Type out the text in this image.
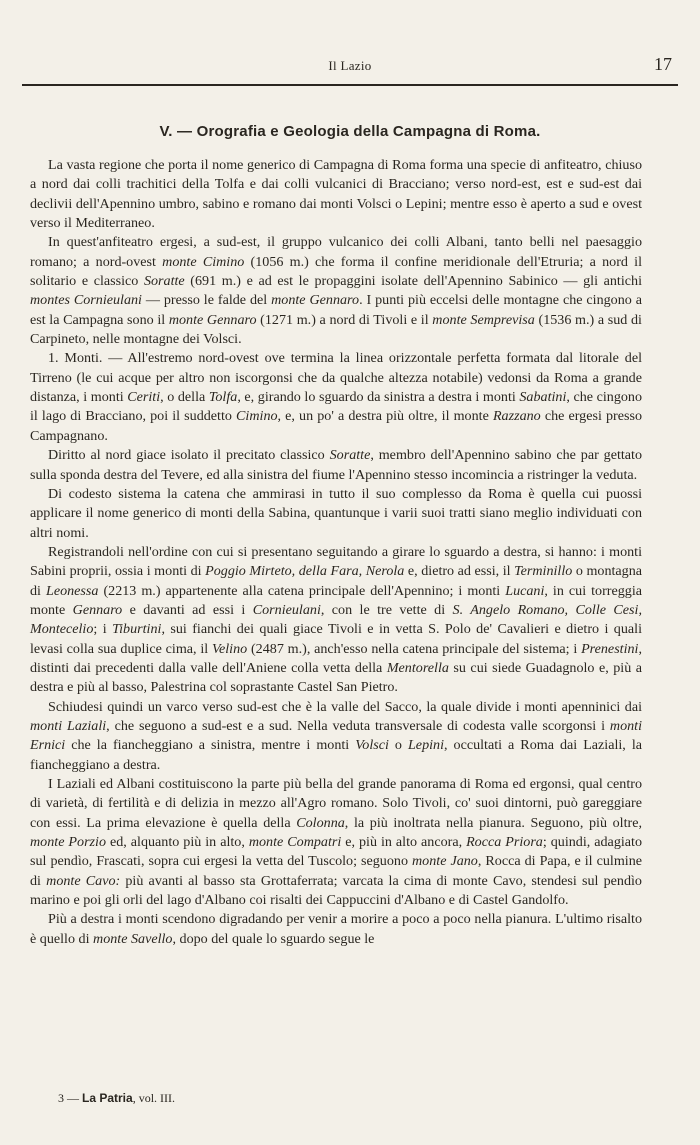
Il Lazio	17
V. — Orografia e Geologia della Campagna di Roma.

La vasta regione che porta il nome generico di Campagna di Roma forma una specie di anfiteatro, chiuso a nord dai colli trachitici della Tolfa e dai colli vulcanici di Bracciano; verso nord-est, est e sud-est dai declivii dell'Apennino umbro, sabino e romano dai monti Volsci o Lepini; mentre esso è aperto a sud e ovest verso il Mediterraneo.

In quest'anfiteatro ergesi, a sud-est, il gruppo vulcanico dei colli Albani, tanto belli nel paesaggio romano; a nord-ovest monte Cimino (1056 m.) che forma il confine meridionale dell'Etruria; a nord il solitario e classico Soratte (691 m.) e ad est le propaggini isolate dell'Apennino Sabinico — gli antichi montes Cornieulani — presso le falde del monte Gennaro. I punti più eccelsi delle montagne che cingono a est la Campagna sono il monte Gennaro (1271 m.) a nord di Tivoli e il monte Semprevisa (1536 m.) a sud di Carpineto, nelle montagne dei Volsci.

1. Monti. — All'estremo nord-ovest ove termina la linea orizzontale perfetta formata dal litorale del Tirreno (le cui acque per altro non iscorgonsi che da qualche altezza notabile) vedonsi da Roma a grande distanza, i monti Ceriti, o della Tolfa, e, girando lo sguardo da sinistra a destra i monti Sabatini, che cingono il lago di Bracciano, poi il suddetto Cimino, e, un po' a destra più oltre, il monte Razzano che ergesi presso Campagnano.

Diritto al nord giace isolato il precitato classico Soratte, membro dell'Apennino sabino che par gettato sulla sponda destra del Tevere, ed alla sinistra del fiume l'Apennino stesso incomincia a ristringer la veduta.

Di codesto sistema la catena che ammirasi in tutto il suo complesso da Roma è quella cui puossi applicare il nome generico di monti della Sabina, quantunque i varii suoi tratti siano meglio individuati con altri nomi.

Registrandoli nell'ordine con cui si presentano seguitando a girare lo sguardo a destra, si hanno: i monti Sabini proprii, ossia i monti di Poggio Mirteto, della Fara, Nerola e, dietro ad essi, il Terminillo o montagna di Leonessa (2213 m.) appartenente alla catena principale dell'Apennino; i monti Lucani, in cui torreggia monte Gennaro e davanti ad essi i Cornieulani, con le tre vette di S. Angelo Romano, Colle Cesi, Montecelio; i Tiburtini, sui fianchi dei quali giace Tivoli e in vetta S. Polo de' Cavalieri e dietro i quali levasi colla sua duplice cima, il Velino (2487 m.), anch'esso nella catena principale del sistema; i Prenestini, distinti dai precedenti dalla valle dell'Aniene colla vetta della Mentorella su cui siede Guadagnolo e, più a destra e più al basso, Palestrina col soprastante Castel San Pietro.

Schiudesi quindi un varco verso sud-est che è la valle del Sacco, la quale divide i monti apenninici dai monti Laziali, che seguono a sud-est e a sud. Nella veduta transversale di codesta valle scorgonsi i monti Ernici che la fiancheggiano a sinistra, mentre i monti Volsci o Lepini, occultati a Roma dai Laziali, la fiancheggiano a destra.

I Laziali ed Albani costituiscono la parte più bella del grande panorama di Roma ed ergonsi, qual centro di varietà, di fertilità e di delizia in mezzo all'Agro romano. Solo Tivoli, co' suoi dintorni, può gareggiare con essi. La prima elevazione è quella della Colonna, la più inoltrata nella pianura. Seguono, più oltre, monte Porzio ed, alquanto più in alto, monte Compatri e, più in alto ancora, Rocca Priora; quindi, adagiato sul pendìo, Frascati, sopra cui ergesi la vetta del Tuscolo; seguono monte Jano, Rocca di Papa, e il culmine di monte Cavo: più avanti al basso sta Grottaferrata; varcata la cima di monte Cavo, stendesi sul pendìo marino e poi gli orli del lago d'Albano coi risalti dei Cappuccini d'Albano e di Castel Gandolfo.

Più a destra i monti scendono digradando per venir a morire a poco a poco nella pianura. L'ultimo risalto è quello di monte Savello, dopo del quale lo sguardo segue le

3 — La Patria, vol. III.
